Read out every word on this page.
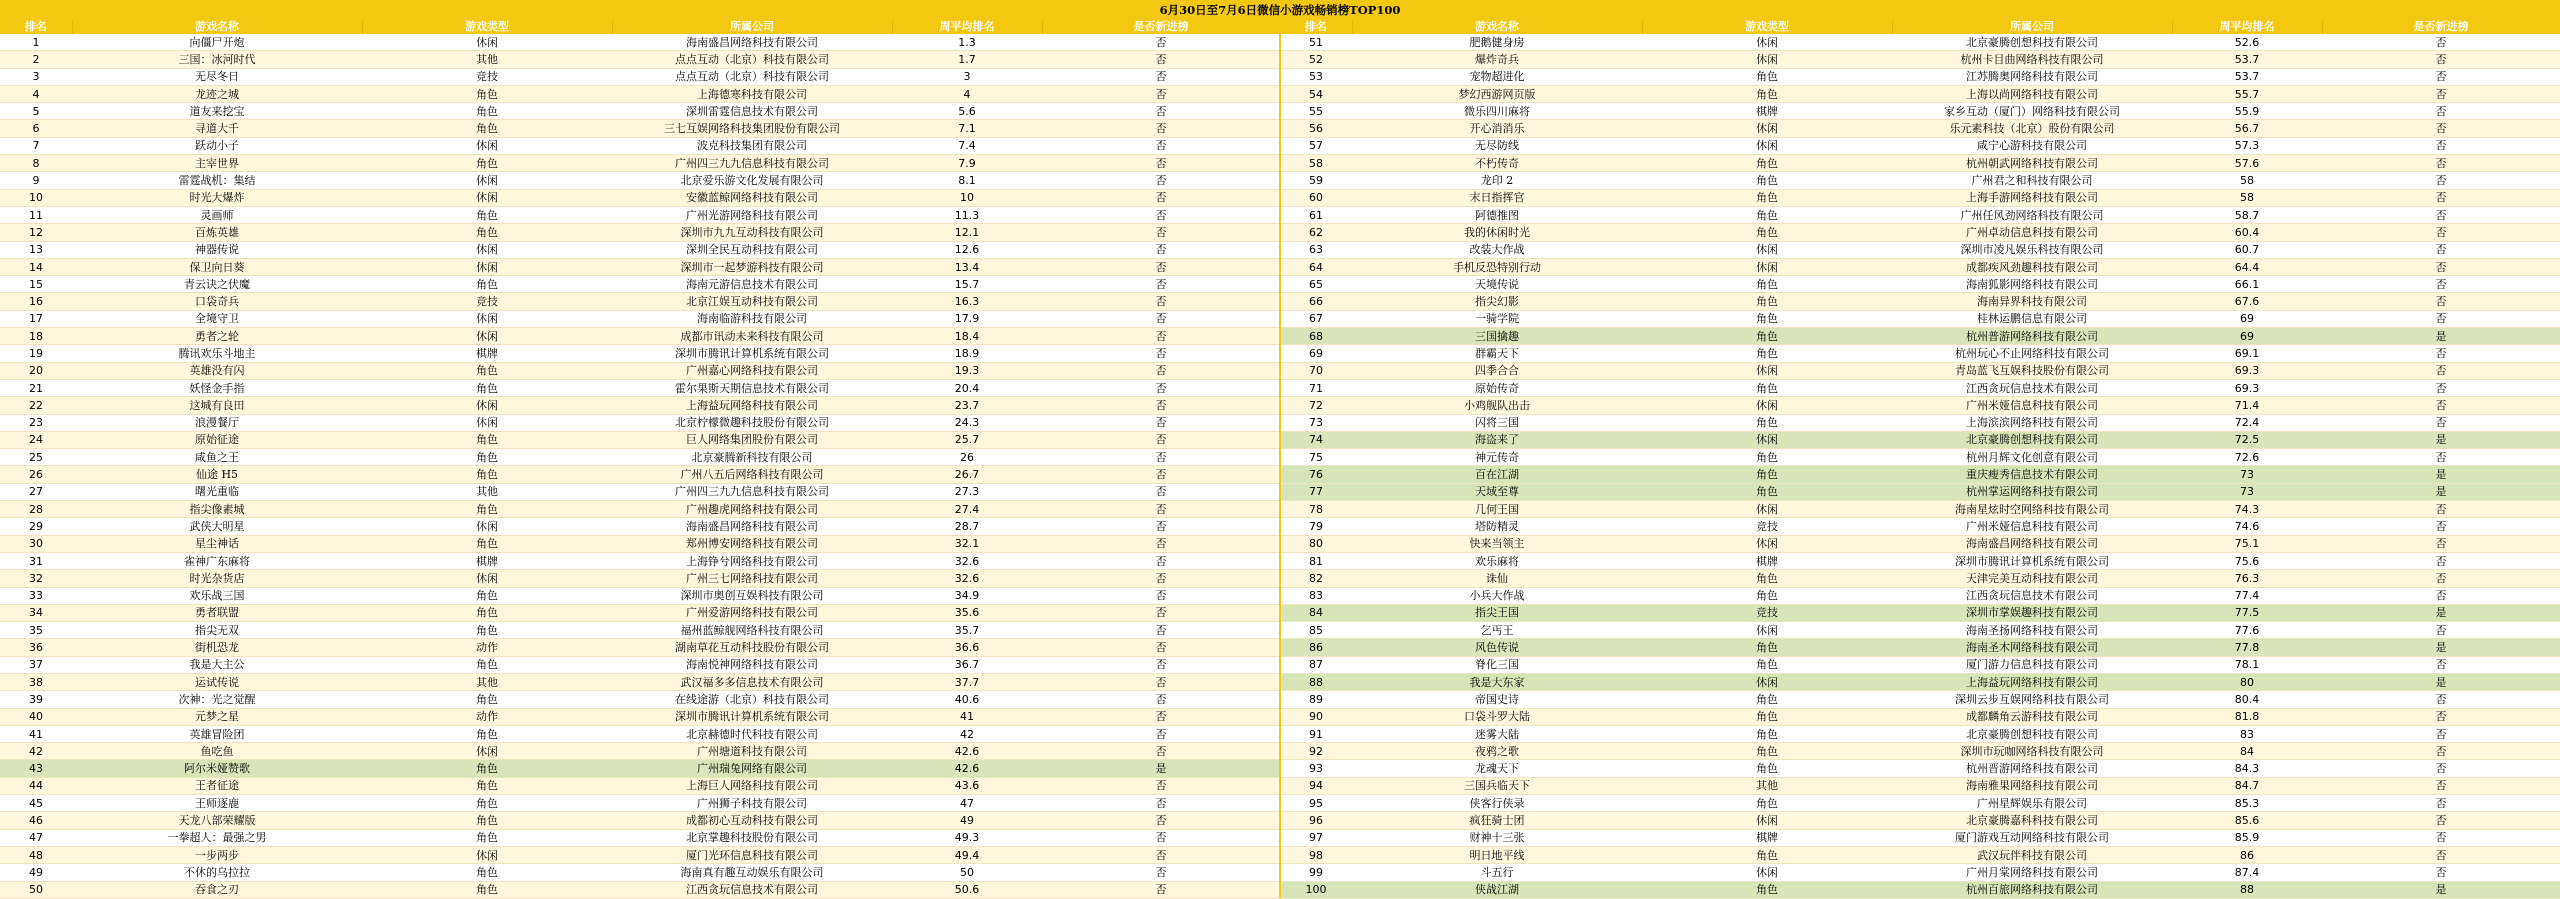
6月30日至7月6日微信小游戏畅销榜TOP100
排名	游戏名称	游戏类型	所属公司	周平均排名	是否新进榜
1	向僵尸开炮	休闲	海南盛昌网络科技有限公司	1.3	否
2	三国：冰河时代	其他	点点互动（北京）科技有限公司	1.7	否
3	无尽冬日	竞技	点点互动（北京）科技有限公司	3	否
4	龙迹之城	角色	上海德寒科技有限公司	4	否
5	道友来挖宝	角色	深圳雷霆信息技术有限公司	5.6	否
6	寻道大千	角色	三七互娱网络科技集团股份有限公司	7.1	否
7	跃动小子	休闲	波克科技集团有限公司	7.4	否
8	主宰世界	角色	广州四三九九信息科技有限公司	7.9	否
9	雷霆战机：集结	休闲	北京爱乐游文化发展有限公司	8.1	否
10	时光大爆炸	休闲	安徽蓝鲸网络科技有限公司	10	否
11	灵画师	角色	广州光游网络科技有限公司	11.3	否
12	百炼英雄	角色	深圳市九九互动科技有限公司	12.1	否
13	神器传说	休闲	深圳全民互动科技有限公司	12.6	否
14	保卫向日葵	休闲	深圳市一起梦游科技有限公司	13.4	否
15	青云诀之伏魔	角色	海南元游信息技术有限公司	15.7	否
16	口袋奇兵	竞技	北京江娱互动科技有限公司	16.3	否
17	全境守卫	休闲	海南临游科技有限公司	17.9	否
18	勇者之轮	休闲	成都市讯动未来科技有限公司	18.4	否
19	腾讯欢乐斗地主	棋牌	深圳市腾讯计算机系统有限公司	18.9	否
20	英雄没有闪	角色	广州嘉心网络科技有限公司	19.3	否
21	妖怪金手指	角色	霍尔果斯天期信息技术有限公司	20.4	否
22	这城有良田	休闲	上海益玩网络科技有限公司	23.7	否
23	浪漫餐厅	休闲	北京柠檬微趣科技股份有限公司	24.3	否
24	原始征途	角色	巨人网络集团股份有限公司	25.7	否
25	咸鱼之王	角色	北京豪腾新科技有限公司	26	否
26	仙途 H5	角色	广州八五后网络科技有限公司	26.7	否
27	曙光重临	其他	广州四三九九信息科技有限公司	27.3	否
28	指尖像素城	角色	广州趣虎网络科技有限公司	27.4	否
29	武侠大明星	休闲	海南盛昌网络科技有限公司	28.7	否
30	星尘神话	角色	郑州博安网络科技有限公司	32.1	否
31	雀神广东麻将	棋牌	上海铮兮网络科技有限公司	32.6	否
32	时光杂货店	休闲	广州三七网络科技有限公司	32.6	否
33	欢乐战三国	角色	深圳市奥创互娱科技有限公司	34.9	否
34	勇者联盟	角色	广州爱游网络科技有限公司	35.6	否
35	指尖无双	角色	福州蓝鲸舰网络科技有限公司	35.7	否
36	街机恐龙	动作	湖南草花互动科技股份有限公司	36.6	否
37	我是大主公	角色	海南悦神网络科技有限公司	36.7	否
38	运试传说	其他	武汉福多多信息技术有限公司	37.7	否
39	次神：光之觉醒	角色	在线途游（北京）科技有限公司	40.6	否
40	元梦之星	动作	深圳市腾讯计算机系统有限公司	41	否
41	英雄冒险团	角色	北京赫德时代科技有限公司	42	否
42	鱼吃鱼	休闲	广州塘道科技有限公司	42.6	否
43	阿尔米娅赞歌	角色	广州瑞兔网络有限公司	42.6	是
44	王者征途	角色	上海巨人网络科技有限公司	43.6	否
45	王师逐鹿	角色	广州狮子科技有限公司	47	否
46	天龙八部荣耀版	角色	成都初心互动科技有限公司	49	否
47	一拳超人：最强之男	角色	北京掌趣科技股份有限公司	49.3	否
48	一步两步	休闲	厦门光环信息科技有限公司	49.4	否
49	不休的乌拉拉	角色	海南真有趣互动娱乐有限公司	50	否
50	吞食之刃	角色	江西贪玩信息技术有限公司	50.6	否
排名	游戏名称	游戏类型	所属公司	周平均排名	是否新进榜
51	肥鹅健身房	休闲	北京豪腾创想科技有限公司	52.6	否
52	爆炸奇兵	休闲	杭州卡目曲网络科技有限公司	53.7	否
53	宠物超进化	角色	江苏腾奥网络科技有限公司	53.7	否
54	梦幻西游网页版	角色	上海以尚网络科技有限公司	55.7	否
55	微乐四川麻将	棋牌	家乡互动（厦门）网络科技有限公司	55.9	否
56	开心消消乐	休闲	乐元素科技（北京）股份有限公司	56.7	否
57	无尽防线	休闲	咸宁心游科技有限公司	57.3	否
58	不朽传奇	角色	杭州朝武网络科技有限公司	57.6	否
59	龙印 2	角色	广州君之和科技有限公司	58	否
60	末日指挥官	角色	上海手游网络科技有限公司	58	否
61	阿德推图	角色	广州任风劲网络科技有限公司	58.7	否
62	我的休闲时光	角色	广州卓动信息科技有限公司	60.4	否
63	改装大作战	休闲	深圳市凌凡娱乐科技有限公司	60.7	否
64	手机反恐特别行动	休闲	成都疾风劲趣科技有限公司	64.4	否
65	天境传说	角色	海南狐影网络科技有限公司	66.1	否
66	指尖幻影	角色	海南异界科技有限公司	67.6	否
67	一骑学院	角色	桂林运鹏信息有限公司	69	否
68	三国擒趣	角色	杭州普游网络科技有限公司	69	是
69	群霸天下	角色	杭州玩心不止网络科技有限公司	69.1	否
70	四季合合	休闲	青岛蓝飞互娱科技股份有限公司	69.3	否
71	原始传奇	角色	江西贪玩信息技术有限公司	69.3	否
72	小鸡舰队出击	休闲	广州米娅信息科技有限公司	71.4	否
73	闪将三国	角色	上海滨滨网络科技有限公司	72.4	否
74	海盗来了	休闲	北京豪腾创想科技有限公司	72.5	是
75	神元传奇	角色	杭州月辉文化创意有限公司	72.6	否
76	百在江湖	角色	重庆瘦秀信息技术有限公司	73	是
77	天域至尊	角色	杭州掌运网络科技有限公司	73	是
78	几何王国	休闲	海南星炫时空网络科技有限公司	74.3	否
79	塔防精灵	竞技	广州米娅信息科技有限公司	74.6	否
80	快来当领主	休闲	海南盛昌网络科技有限公司	75.1	否
81	欢乐麻将	棋牌	深圳市腾讯计算机系统有限公司	75.6	否
82	诛仙	角色	天津完美互动科技有限公司	76.3	否
83	小兵大作战	角色	江西贪玩信息技术有限公司	77.4	否
84	指尖王国	竞技	深圳市掌娱趣科技有限公司	77.5	是
85	乞丐王	休闲	海南圣扬网络科技有限公司	77.6	否
86	风色传说	角色	海南圣木网络科技有限公司	77.8	是
87	脊化三国	角色	厦门游力信息科技有限公司	78.1	否
88	我是大东家	休闲	上海益玩网络科技有限公司	80	是
89	帝国史诗	角色	深圳云步互娱网络科技有限公司	80.4	否
90	口袋斗罗大陆	角色	成都麟角云游科技有限公司	81.8	否
91	迷雾大陆	角色	北京豪腾创想科技有限公司	83	否
92	夜鸦之歌	角色	深圳市玩咖网络科技有限公司	84	否
93	龙魂天下	角色	杭州晋游网络科技有限公司	84.3	否
94	三国兵临天下	其他	海南雅果网络科技有限公司	84.7	否
95	侠客行侠录	角色	广州星辉娱乐有限公司	85.3	否
96	疯狂骑士团	休闲	北京豪腾嘉科科技有限公司	85.6	否
97	财神十三张	棋牌	厦门游戏互动网络科技有限公司	85.9	否
98	明日地平线	角色	武汉玩伴科技有限公司	86	否
99	斗五行	休闲	广州月棠网络科技有限公司	87.4	否
100	侠战江湖	角色	杭州百旅网络科技有限公司	88	是
